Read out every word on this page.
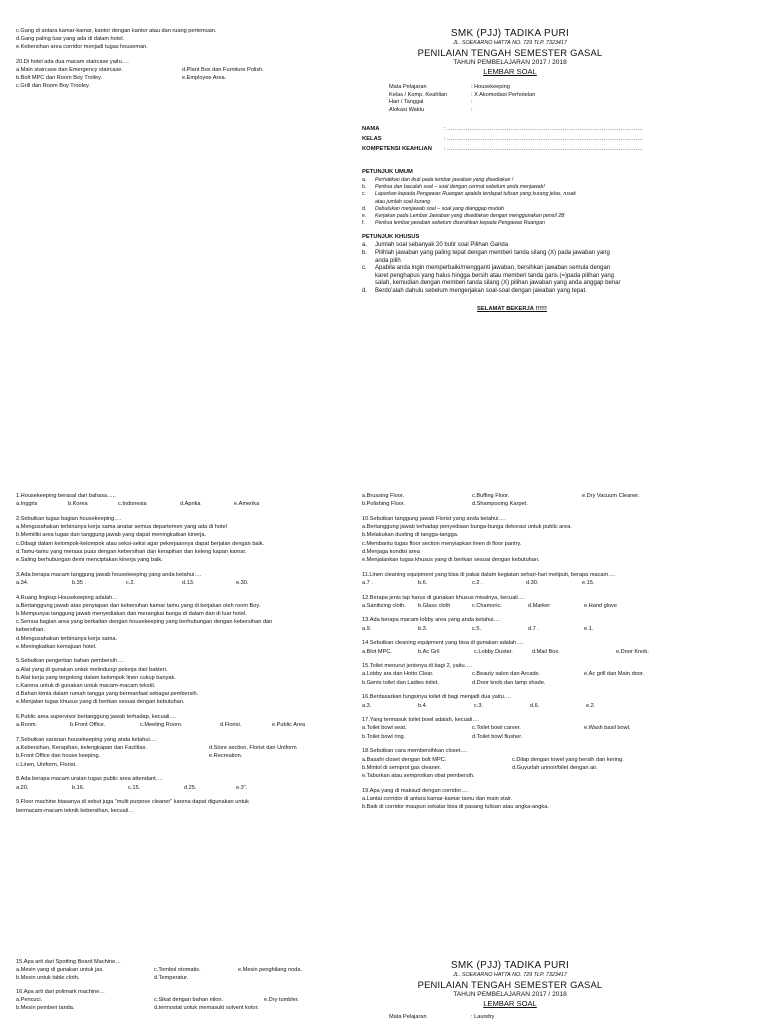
c.Gang di antara kamar-kamar, kantor dengan kantor atau dan ruang pertemuan.
d.Gang paling luar yang ada di dalam hotel.
e.Kebersihan area corridor menjadi tugas houseman.
20.Di hotel ada dua macam staircase yaitu….
a.Main staircase dan Emergency staircase.	d.Plant Box dan Furniture Polish.
b.Bolt MPC dan Room Boy Trolley.	e.Employee Area.
c.Grill dan Room Boy Trooley.
SMK (PJJ) TADIKA PURI
JL. SOEKARNO HATTA NO. 729 TLP. 7323417
PENILAIAN TENGAH SEMESTER GASAL
TAHUN PEMBELAJARAN 2017 / 2018
LEMBAR SOAL
Mata Pelajaran	: Housekeeping
Kelas / Komp. Keahlian	: X Akomodasi Perhotelan
Hari / Tanggal	:
Alokasi Waktu	:
NAMA	: ……………………………………………………………………………………………
KELAS	: ……………………………………………………………………………………………
KOMPETENSI KEAHLIAN	: ……………………………………………………………………………………………
PETUNJUK UMUM
a.	Perhatikan dan ikuti pada lembar jawaban yang disediakan !
b.	Periksa dan bacalah soal – soal dengan cermat sebelum anda menjawab!
c.	Laporkan kepada Pengawas Ruangan apabila terdapat tulisan yang kurang jelas, rusak
atau jumlah soal kurang
d.	Dahulukan menjawab soal – soal yang dianggap mudah
e.	Kerjakan pada Lembar Jawaban yang disediakan dengan menggunakan pensil 2B
f.	Periksa lembar jawaban sebelum diserahkan kepada Pengawas Ruangan
PETUNJUK KHUSUS
a.	Jumlah soal sebanyak 20 butir soal Pilihan Ganda
b.	Pilihlah jawaban yang paling tepat dengan memberi tanda silang (X) pada jawaban yang anda pilih
c.	Apabila anda ingin memperbaiki/mengganti jawaban, bersihkan jawaban semula dengan karet penghapus yang halus hingga bersih atau memberi tanda garis (=)pada pilihan yang salah, kemudian dengan memberi tanda silang (X) pilihan jawaban yang anda anggap benar
d.	Berdo’alah dahulu sebelum mengerjakan soal-soal dengan jawaban yang tepat.
SELAMAT BEKERJA !!!!!!
1.Housekeeping berasal dari bahasa…..
a.Inggris	b.Korea	c.Indonesia	d.Aprika	e.Amerika
2.Sebutkan tugas bagian housekeeping….
a.Mengusahakan terbinanya kerja sama anatar semua departemen yang ada di hotel
b.Memiliki area tugas dan tanggung jawab yang dapat meningkatkan kinerja.
c.Dibagi dalam kelompok-kelompok atau seksi-seksi agar pekerjaannya dapat berjalan dengan baik.
d.Tamu-tamu yang merasa puas dengan kebersihan dan kerapihan dan keleng kapan kamar.
e.Saling berhubungan demi menciptakan kinerja yang baik.
3.Ada berapa macam tanggung jawab housekeeping yang anda ketahui….
a.34.	b.35 .	c.2.	d.13.	e.30.
4.Ruang lingkup Housekeeping adalah…
a.Bertanggung jawab atas penyiapan dan kebersihan kamar tamu yang di kerjakan oleh room Boy.
b.Mempunyai tanggung jawab menyediakan dan merangkai bunga di dalam dan di luar hotel.
c.Semua bagian area yang berkaitan dengan housekeeping yang berhubungan dengan kebersihan dan
kebersihan.
d.Mengusahakan terbinanya kerja sama.
e.Meningkatkan kemajuan hotel.
5.Sebutkan pengertian bahan pembersih….
a.Alat yang di gunakan untuk melindungi pekerja dari bakteri.
b.Alat kerja yang tergolong dalam kelompok linen cukup banyak.
c.Karena untuk di gunakan untuk macam-macam tekstil.
d.Bahan kimia dalam rumah tangga yang bermanfaat sebagai pembersih.
e.Menjalan tugas khusus yang di berikan sesuai dengan kebutuhan.
6.Public area supervisor bertanggung jawab terhadap, kecuali….
a.Room.	b.Front Office.	c.Meeting Room.	d.Florist.	e.Public Area
7.Sebutkan saranan housekeeping yang anda ketahui….
a.Kebersihan, Kerapihan, kelengkapan dan Facilitas.	d.Store section, Florist dan Uniform
b.Front Office dan house keeping.	e.Recreation.
c.Linen, Uniform, Florist.
8.Ada berapa macam uraian tugas public area attendant….
a.20.	b.16.	c.15.	d.25.	e.3”.
9.Floor machine biasanya di sebut juga “multi purpose cleaner” karena dapat digunakan untuk
bermacam-macam teknik kebersihan, kecuali…
a.Brussing Floor.	c.Buffing Floor.	e.Dry Vacuum Cleaner.
b.Polishing Floor.	d.Shampooing Karpet.
10.Sebutkan tanggung jawab Florist yang anda ketahui….
a.Bertanggung jawab terhadap penyediaan bunga-bunga dekorasi untuk public area.
b.Melakukan dusting di tangga-tangga.
c.Membantu tugas floor section menyiapkan linen di floor pantry.
d.Menjaga kondisi area
e.Menjalankan tugas khusus yang di berikan sesuai dengan kebutuhan.
11.Linen cleaning equipment yang bisa di pakai dalam kegiatan sehari-hari meliputi, berapa macam….
a.7 .	b.6.	c.2 .	d.30.	e.15.
12.Berapa jenis lap harus di gunakan khusus misalnya, kecuali….
a.Sanitizing cloth.	b.Glass cloth	c.Chamoric.	d.Marker	e.Hand glove
13.Ada berapa macam lobby area yang anda ketahui….
a.9.	b.3.	c.5.	d.7 .	e.1.
14.Sebutkan cleaning equipment yang bisa di gunakan adalah….
a.Blot MPC.	b.Ac Gril	c.Lobby Duster.	d.Mail Box.	e.Door Knob.
15.Toilet menurut jenisnya di bagi 2, yaitu….
a.Lobby ara dan Hotto Clear.	c.Beauty salon dan Arcade.	e.Ac grill dan Main door.
b.Gents toilet dan Ladies toilet.	d.Door knob dan lamp shade.
16.Berdasarkan fungsinya toilet di bagi menjadi dua yaitu….
a.3.	b.4.	c.3.	d.6.	e.2.
17.Yang termasuk toilet bowl adalah, kecuali….
a.Toilet bowl seat.	c.Toilet bowl carver.	e.Wash basil bowl.
b.Toilet bowl ring.	d.Toilet bowl flusher.
18.Sebutkan cara membersihkan closet….
a.Basahi closet dengan bolt MPC.	c.Dilap dengan towel yang bersih dan kering.
b.Mintol di semprot gas cleaner.	d.Guyurlah urinoir/bilet dengan air.
e.Taburkan atau semprotkan obat pembersih.
19.Apa yang di maksud dengan corridor….
a.Lantai corridor di antara kamar-kamar tamu dan main stair.
b.Baik di corridor maupun sekatar bisa di pasang tulisan atau angka-angka.
15.Apa arti dari Spotting Board Machine…
a.Mesin yang di gunakan untuk jas.	c.Tombol otomatis.	e.Mesin penghilang noda.
b.Mesin untuk table cloth.	d.Temperatur.
16.Apa arti dari polimark machine…
a.Pencuci.	c.Sikat dengan bahan nilon.	e.Dry tumbler.
b.Mesin pemberi tanda.	d.termostat untuk memasuki solvent kotor.
SMK (PJJ) TADIKA PURI
JL. SOEKARNO HATTA NO. 729 TLP. 7323417
PENILAIAN TENGAH SEMESTER GASAL
TAHUN PEMBELAJARAN 2017 / 2018
LEMBAR SOAL
Mata Pelajaran	: Laundry
